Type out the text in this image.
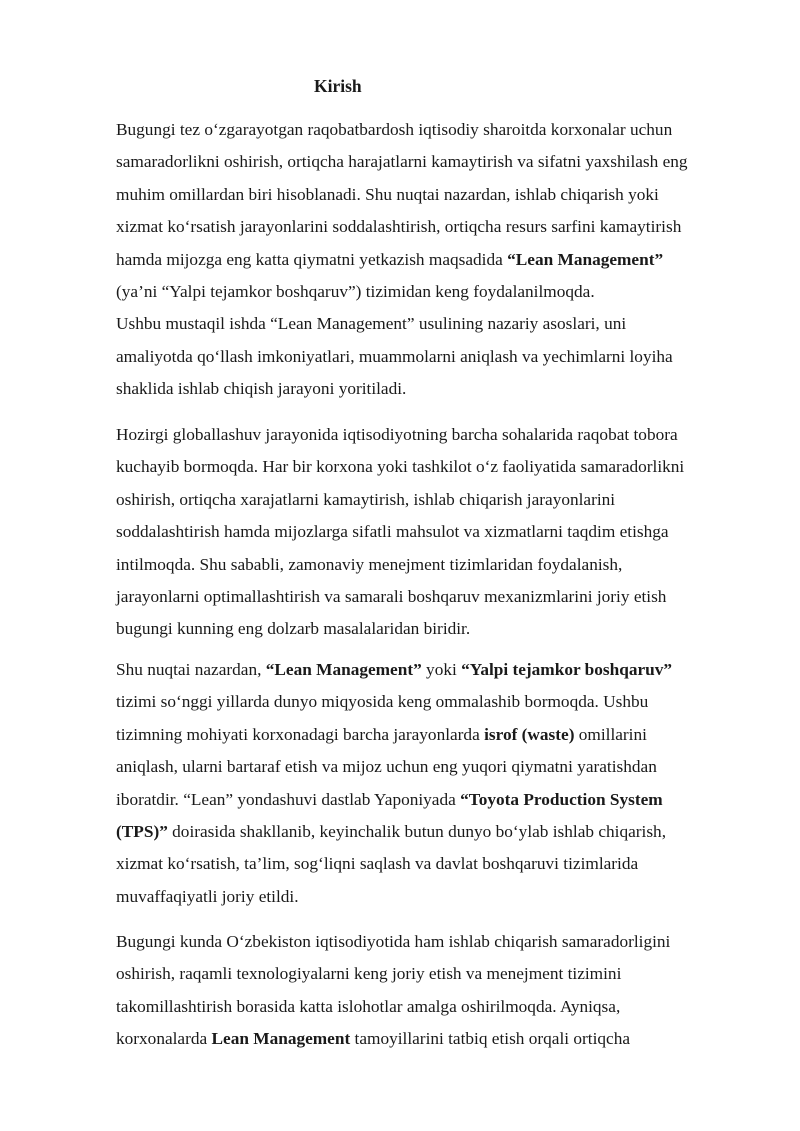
Kirish
Bugungi tez o‘zgarayotgan raqobatbardosh iqtisodiy sharoitda korxonalar uchun
samaradorlikni oshirish, ortiqcha harajatlarni kamaytirish va sifatni yaxshilash eng
muhim omillardan biri hisoblanadi. Shu nuqtai nazardan, ishlab chiqarish yoki
xizmat ko‘rsatish jarayonlarini soddalashtirish, ortiqcha resurs sarfini kamaytirish
hamda mijozga eng katta qiymatni yetkazish maqsadida “Lean Management”
(ya’ni “Yalpi tejamkor boshqaruv”) tizimidan keng foydalanilmoqda.
Ushbu mustaqil ishda “Lean Management” usulining nazariy asoslari, uni
amaliyotda qo‘llash imkoniyatlari, muammolarni aniqlash va yechimlarni loyiha
shaklida ishlab chiqish jarayoni yoritiladi.
Hozirgi globallashuv jarayonida iqtisodiyotning barcha sohalarida raqobat tobora
kuchayib bormoqda. Har bir korxona yoki tashkilot o‘z faoliyatida samaradorlikni
oshirish, ortiqcha xarajatlarni kamaytirish, ishlab chiqarish jarayonlarini
soddalashtirish hamda mijozlarga sifatli mahsulot va xizmatlarni taqdim etishga
intilmoqda. Shu sababli, zamonaviy menejment tizimlaridan foydalanish,
jarayonlarni optimallashtirish va samarali boshqaruv mexanizmlarini joriy etish
bugungi kunning eng dolzarb masalalaridan biridir.
Shu nuqtai nazardan, “Lean Management” yoki “Yalpi tejamkor boshqaruv”
tizimi so‘nggi yillarda dunyo miqyosida keng ommalashib bormoqda. Ushbu
tizimning mohiyati korxonadagi barcha jarayonlarda isrof (waste) omillarini
aniqlash, ularni bartaraf etish va mijoz uchun eng yuqori qiymatni yaratishdan
iboratdir. “Lean” yondashuvi dastlab Yaponiyada “Toyota Production System
(TPS)” doirasida shakllanib, keyinchalik butun dunyo bo‘ylab ishlab chiqarish,
xizmat ko‘rsatish, ta’lim, sog‘liqni saqlash va davlat boshqaruvi tizimlarida
muvaffaqiyatli joriy etildi.
Bugungi kunda O‘zbekiston iqtisodiyotida ham ishlab chiqarish samaradorligini
oshirish, raqamli texnologiyalarni keng joriy etish va menejment tizimini
takomillashtirish borasida katta islohotlar amalga oshirilmoqda. Ayniqsa,
korxonalarda Lean Management tamoyillarini tatbiq etish orqali ortiqcha
